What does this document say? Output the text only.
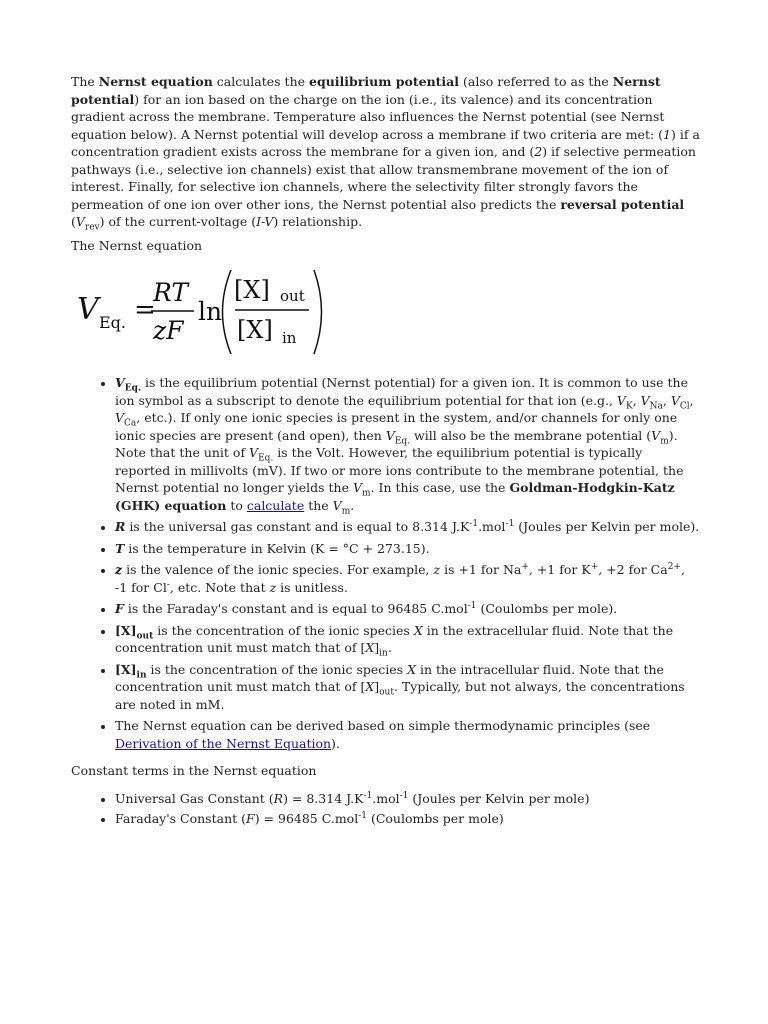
The Nernst equation calculates the equilibrium potential (also referred to as the Nernst potential) for an ion based on the charge on the ion (i.e., its valence) and its concentration gradient across the membrane. Temperature also influences the Nernst potential (see Nernst equation below). A Nernst potential will develop across a membrane if two criteria are met: (1) if a concentration gradient exists across the membrane for a given ion, and (2) if selective permeation pathways (i.e., selective ion channels) exist that allow transmembrane movement of the ion of interest. Finally, for selective ion channels, where the selectivity filter strongly favors the permeation of one ion over other ions, the Nernst potential also predicts the reversal potential $(V_{rev})$ of the current-voltage (I-V) relationship.

The Nernst equation

V Eq. =
RT
zF
ln
[X] out
[X] in
• $V_{Eq.}$ is the equilibrium potential (Nernst potential) for a given ion. It is common to use the ion symbol as a subscript to denote the equilibrium potential for that ion (e.g., $V_K$, $V_{Na}$, $V_{Cl}$, $V_{Ca}$, etc.). If only one ionic species is present in the system, and/or channels for only one ionic species are present (and open), then $V_{Eq.}$ will also be the membrane potential $(V_m)$. Note that the unit of $V_{Eq.}$ is the Volt. However, the equilibrium potential is typically reported in millivolts (mV). If two or more ions contribute to the membrane potential, the Nernst potential no longer yields the $V_m$. In this case, use the Goldman-Hodgkin-Katz (GHK) equation to calculate the $V_m$.
• R is the universal gas constant and is equal to 8.314 $J.K^{-1}.mol^{-1}$ (Joules per Kelvin per mole).
• T is the temperature in Kelvin (K = °C + 273.15).
• z is the valence of the ionic species. For example, z is +1 for Na+, +1 for K+, +2 for $Ca^{2+}$, -1 for Cl-, etc. Note that z is unitless.
• F is the Faraday's constant and is equal to 96485 C.mol$^{-1}$ (Coulombs per mole).
• $[X]_{out}$ is the concentration of the ionic species X in the extracellular fluid. Note that the concentration unit must match that of $[X]_{in}$.
• $[X]_{in}$ is the concentration of the ionic species X in the intracellular fluid. Note that the concentration unit must match that of $[X]_{out}$. Typically, but not always, the concentrations are noted in mM.
• The Nernst equation can be derived based on simple thermodynamic principles (see Derivation of the Nernst Equation).

Constant terms in the Nernst equation

• Universal Gas Constant (R) = 8.314 $J.K^{-1}.mol^{-1}$ (Joules per Kelvin per mole)
• Faraday's Constant (F) = 96485 C.mol$^{-1}$ (Coulombs per mole)
